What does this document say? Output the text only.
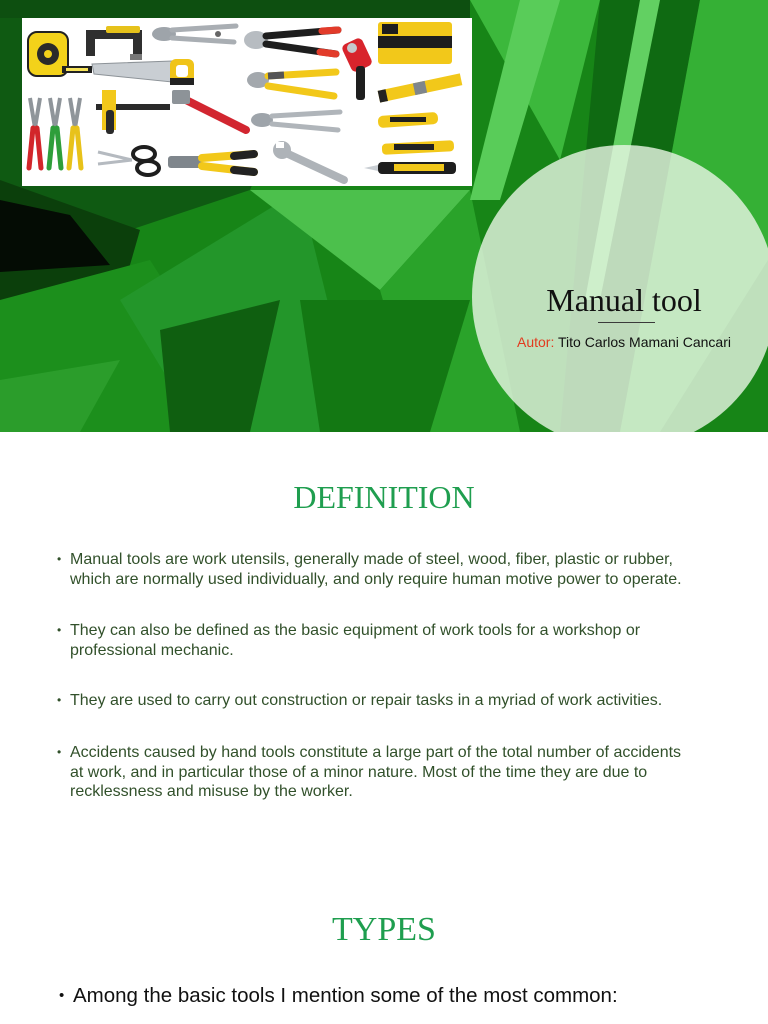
Manual tool
Autor: Tito Carlos Mamani Cancari
DEFINITION
• Manual tools are work utensils, generally made of steel, wood, fiber, plastic or rubber,
which are normally used individually, and only require human motive power to operate.
• They can also be defined as the basic equipment of work tools for a workshop or
professional mechanic.
• They are used to carry out construction or repair tasks in a myriad of work activities.
• Accidents caused by hand tools constitute a large part of the total number of accidents
at work, and in particular those of a minor nature. Most of the time they are due to
recklessness and misuse by the worker.
TYPES
• Among the basic tools I mention some of the most common:
